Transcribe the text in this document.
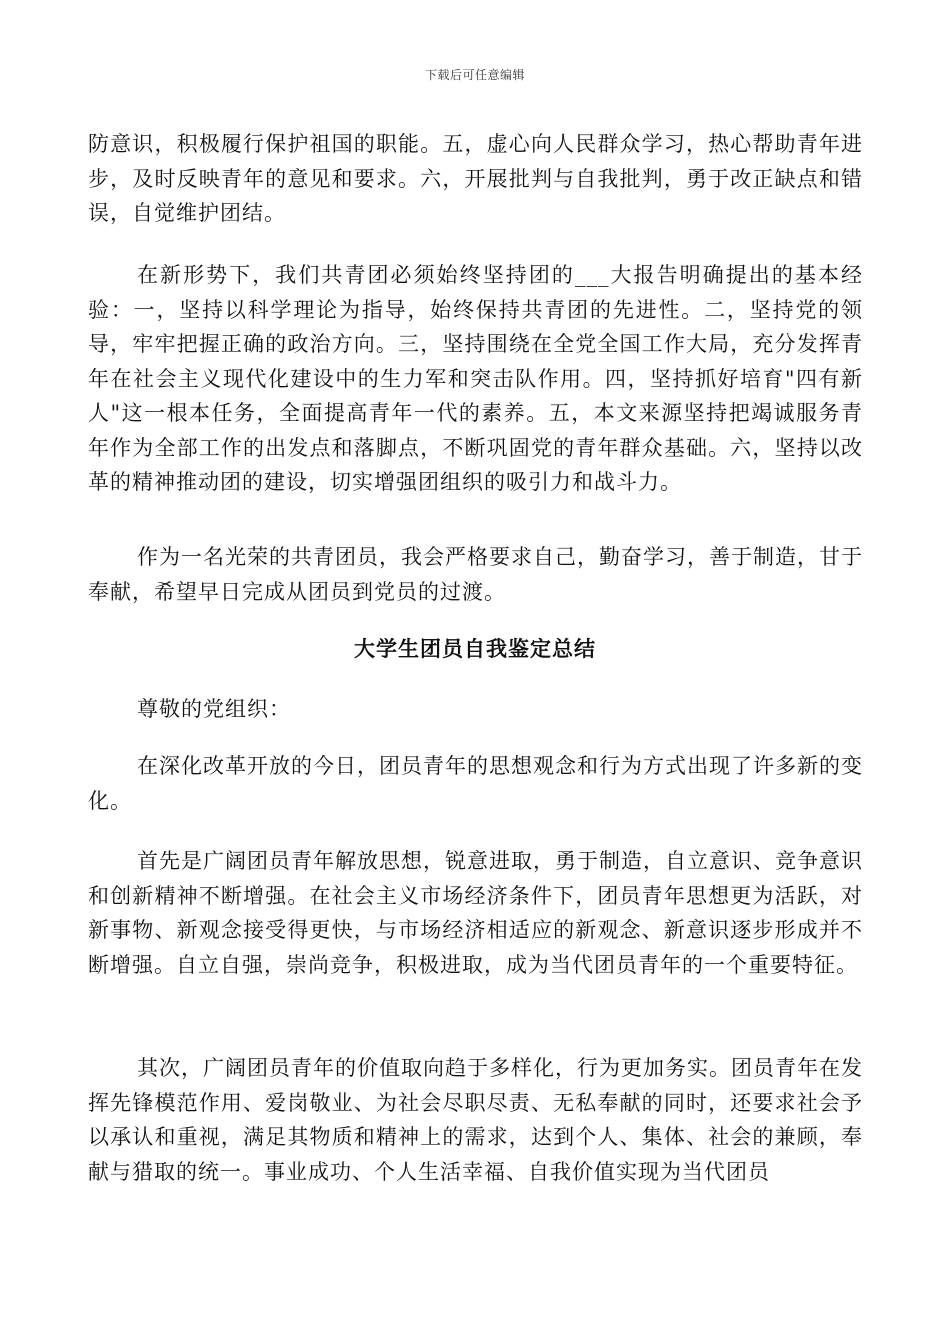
下载后可任意编辑

防意识，积极履行保护祖国的职能。五，虚心向人民群众学习，热心帮助青年进步，及时反映青年的意见和要求。六，开展批判与自我批判，勇于改正缺点和错误，自觉维护团结。

在新形势下，我们共青团必须始终坚持团的___大报告明确提出的基本经验：一，坚持以科学理论为指导，始终保持共青团的先进性。二，坚持党的领导，牢牢把握正确的政治方向。三，坚持围绕在全党全国工作大局，充分发挥青年在社会主义现代化建设中的生力军和突击队作用。四，坚持抓好培育"四有新人"这一根本任务，全面提高青年一代的素养。五，本文来源坚持把竭诚服务青年作为全部工作的出发点和落脚点，不断巩固党的青年群众基础。六，坚持以改革的精神推动团的建设，切实增强团组织的吸引力和战斗力。

作为一名光荣的共青团员，我会严格要求自己，勤奋学习，善于制造，甘于奉献，希望早日完成从团员到党员的过渡。

大学生团员自我鉴定总结

尊敬的党组织：

在深化改革开放的今日，团员青年的思想观念和行为方式出现了许多新的变化。

首先是广阔团员青年解放思想，锐意进取，勇于制造，自立意识、竞争意识和创新精神不断增强。在社会主义市场经济条件下，团员青年思想更为活跃，对新事物、新观念接受得更快，与市场经济相适应的新观念、新意识逐步形成并不断增强。自立自强，崇尚竞争，积极进取，成为当代团员青年的一个重要特征。

其次，广阔团员青年的价值取向趋于多样化，行为更加务实。团员青年在发挥先锋模范作用、爱岗敬业、为社会尽职尽责、无私奉献的同时，还要求社会予以承认和重视，满足其物质和精神上的需求，达到个人、集体、社会的兼顾，奉献与猎取的统一。事业成功、个人生活幸福、自我价值实现为当代团员
